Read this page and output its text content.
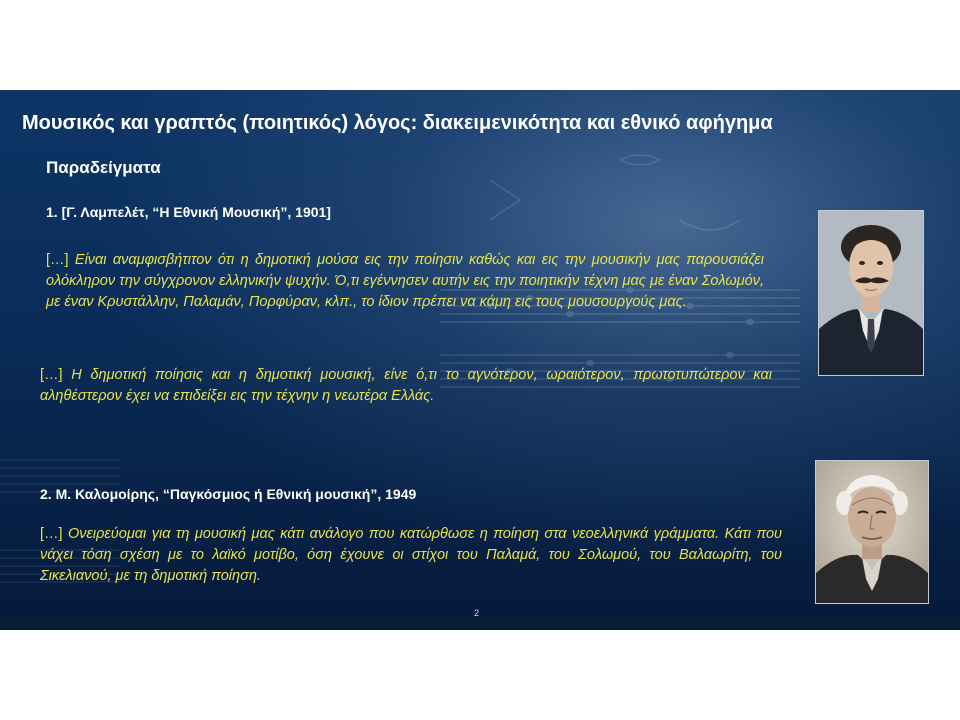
Μουσικός και γραπτός (ποιητικός) λόγος: διακειμενικότητα και εθνικό αφήγημα
Παραδείγματα
1. [Γ. Λαμπελέτ, “Η Εθνική Μουσική”, 1901]
[…] Είναι αναμφισβήτιτον ότι η δημοτική μούσα εις την ποίησιν καθώς και εις την μουσικήν μας παρουσιάζει ολόκληρον την σύγχρονον ελληνικήν ψυχήν. Ό,τι εγέννησεν αυτήν εις την ποιητικήν τέχνη μας με έναν Σολωμόν, με έναν Κρυστάλλην, Παλαμάν, Πορφύραν, κλπ., το ίδιον πρέπει να κάμη εις τους μουσουργούς μας.
[…] Η δημοτική ποίησις και η δημοτική μουσική, είνε ό,τι το αγνότερον, ωραιότερον, πρωτοτυπώτερον και αληθέστερον έχει να επιδείξει εις την τέχνην η νεωτέρα Ελλάς.
2. Μ. Καλομοίρης, “Παγκόσμιος ή Εθνική μουσική”, 1949
[…] Ονειρεύομαι για τη μουσική μας κάτι ανάλογο που κατώρθωσε η ποίηση στα νεοελληνικά γράμματα. Κάτι που νάχει τόση σχέση με το λαϊκό μοτίβο, όση έχουνε οι στίχοι του Παλαμά, του Σολωμού, του Βαλαωρίτη, του Σικελιανού, με τη δημοτική ποίηση.
2
